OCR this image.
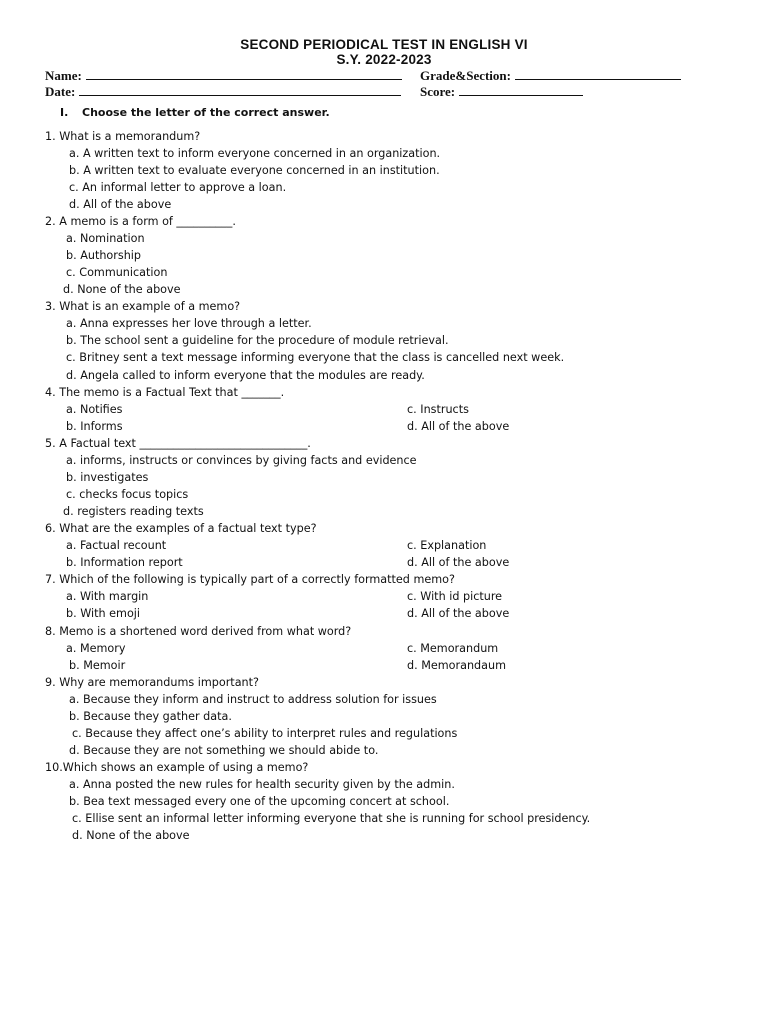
SECOND PERIODICAL TEST IN ENGLISH VI
S.Y. 2022-2023
Name:	Grade&Section:
Date:	Score:
I. Choose the letter of the correct answer.
1. What is a memorandum?
a. A written text to inform everyone concerned in an organization.
b. A written text to evaluate everyone concerned in an institution.
c. An informal letter to approve a loan.
d. All of the above
2. A memo is a form of __________.
a. Nomination
b. Authorship
c. Communication
d. None of the above
3. What is an example of a memo?
a. Anna expresses her love through a letter.
b. The school sent a guideline for the procedure of module retrieval.
c. Britney sent a text message informing everyone that the class is cancelled next week.
d. Angela called to inform everyone that the modules are ready.
4. The memo is a Factual Text that _______.
a. Notifies	c. Instructs
b. Informs	d. All of the above
5. A Factual text ______________________________.
a. informs, instructs or convinces by giving facts and evidence
b. investigates
c. checks focus topics
d. registers reading texts
6. What are the examples of a factual text type?
a. Factual recount	c. Explanation
b. Information report	d. All of the above
7. Which of the following is typically part of a correctly formatted memo?
a. With margin	c. With id picture
b. With emoji	d. All of the above
8. Memo is a shortened word derived from what word?
a. Memory	c. Memorandum
b. Memoir	d. Memorandaum
9. Why are memorandums important?
a. Because they inform and instruct to address solution for issues
b. Because they gather data.
c. Because they affect one’s ability to interpret rules and regulations
d. Because they are not something we should abide to.
10.Which shows an example of using a memo?
a. Anna posted the new rules for health security given by the admin.
b. Bea text messaged every one of the upcoming concert at school.
c. Ellise sent an informal letter informing everyone that she is running for school presidency.
d. None of the above
